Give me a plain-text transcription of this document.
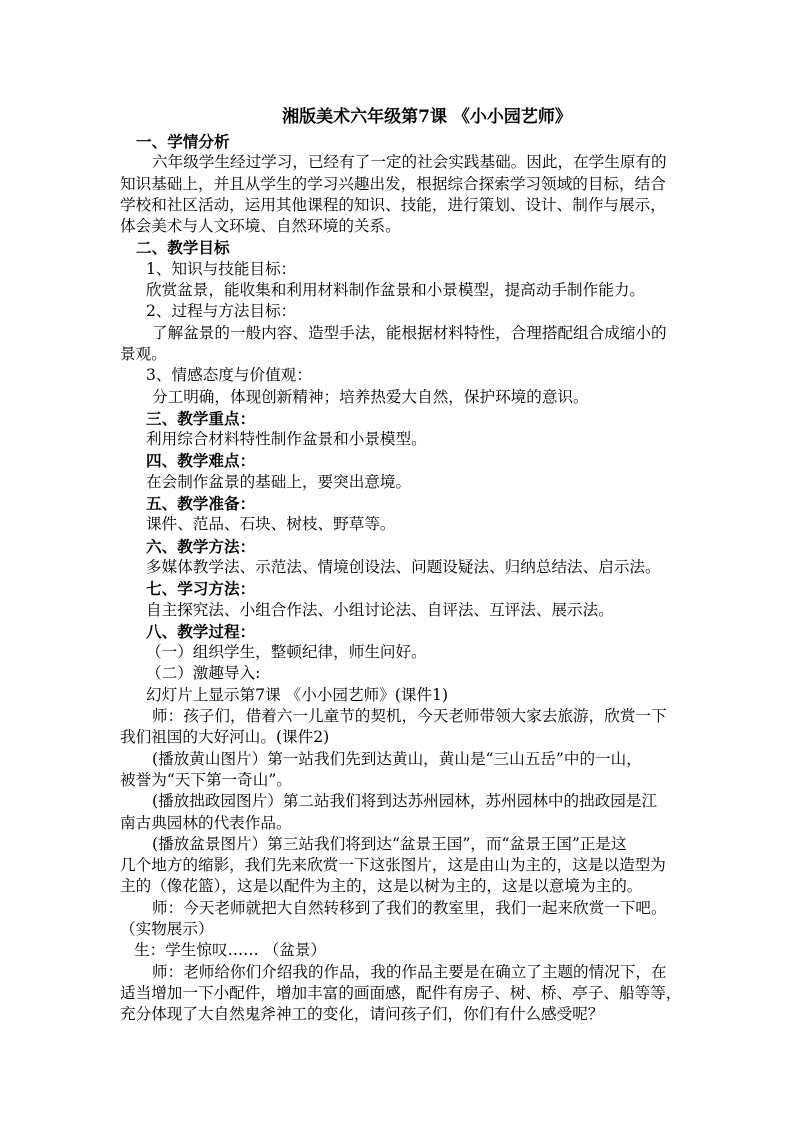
湘版美术六年级第7课 《小小园艺师》
一、学情分析
六年级学生经过学习，已经有了一定的社会实践基础。因此，在学生原有的
知识基础上，并且从学生的学习兴趣出发，根据综合探索学习领域的目标，结合
学校和社区活动，运用其他课程的知识、技能，进行策划、设计、制作与展示，
体会美术与人文环境、自然环境的关系。
二、教学目标
1、知识与技能目标：
欣赏盆景，能收集和利用材料制作盆景和小景模型，提高动手制作能力。
2、过程与方法目标：
了解盆景的一般内容、造型手法，能根据材料特性，合理搭配组合成缩小的
景观。
3、情感态度与价值观：
分工明确，体现创新精神；培养热爱大自然，保护环境的意识。
三、教学重点：
利用综合材料特性制作盆景和小景模型。
四、教学难点：
在会制作盆景的基础上，要突出意境。
五、教学准备：
课件、范品、石块、树枝、野草等。
六、教学方法：
多媒体教学法、示范法、情境创设法、问题设疑法、归纳总结法、启示法。
七、学习方法：
自主探究法、小组合作法、小组讨论法、自评法、互评法、展示法。
八、教学过程：
（一）组织学生，整顿纪律，师生问好。
（二）激趣导入:
幻灯片上显示第7课 《小小园艺师》(课件1)
师：孩子们，借着六一儿童节的契机，今天老师带领大家去旅游，欣赏一下
我们祖国的大好河山。(课件2)
(播放黄山图片）第一站我们先到达黄山，黄山是“三山五岳”中的一山，
被誉为“天下第一奇山”。
(播放拙政园图片）第二站我们将到达苏州园林，苏州园林中的拙政园是江
南古典园林的代表作品。
(播放盆景图片）第三站我们将到达“盆景王国”，而“盆景王国”正是这
几个地方的缩影，我们先来欣赏一下这张图片，这是由山为主的，这是以造型为
主的（像花篮），这是以配件为主的，这是以树为主的，这是以意境为主的。
师：今天老师就把大自然转移到了我们的教室里，我们一起来欣赏一下吧。
（实物展示）
生：学生惊叹…… （盆景）
师：老师给你们介绍我的作品，我的作品主要是在确立了主题的情况下，在
适当增加一下小配件，增加丰富的画面感，配件有房子、树、桥、亭子、船等等，
充分体现了大自然鬼斧神工的变化，请问孩子们，你们有什么感受呢？
